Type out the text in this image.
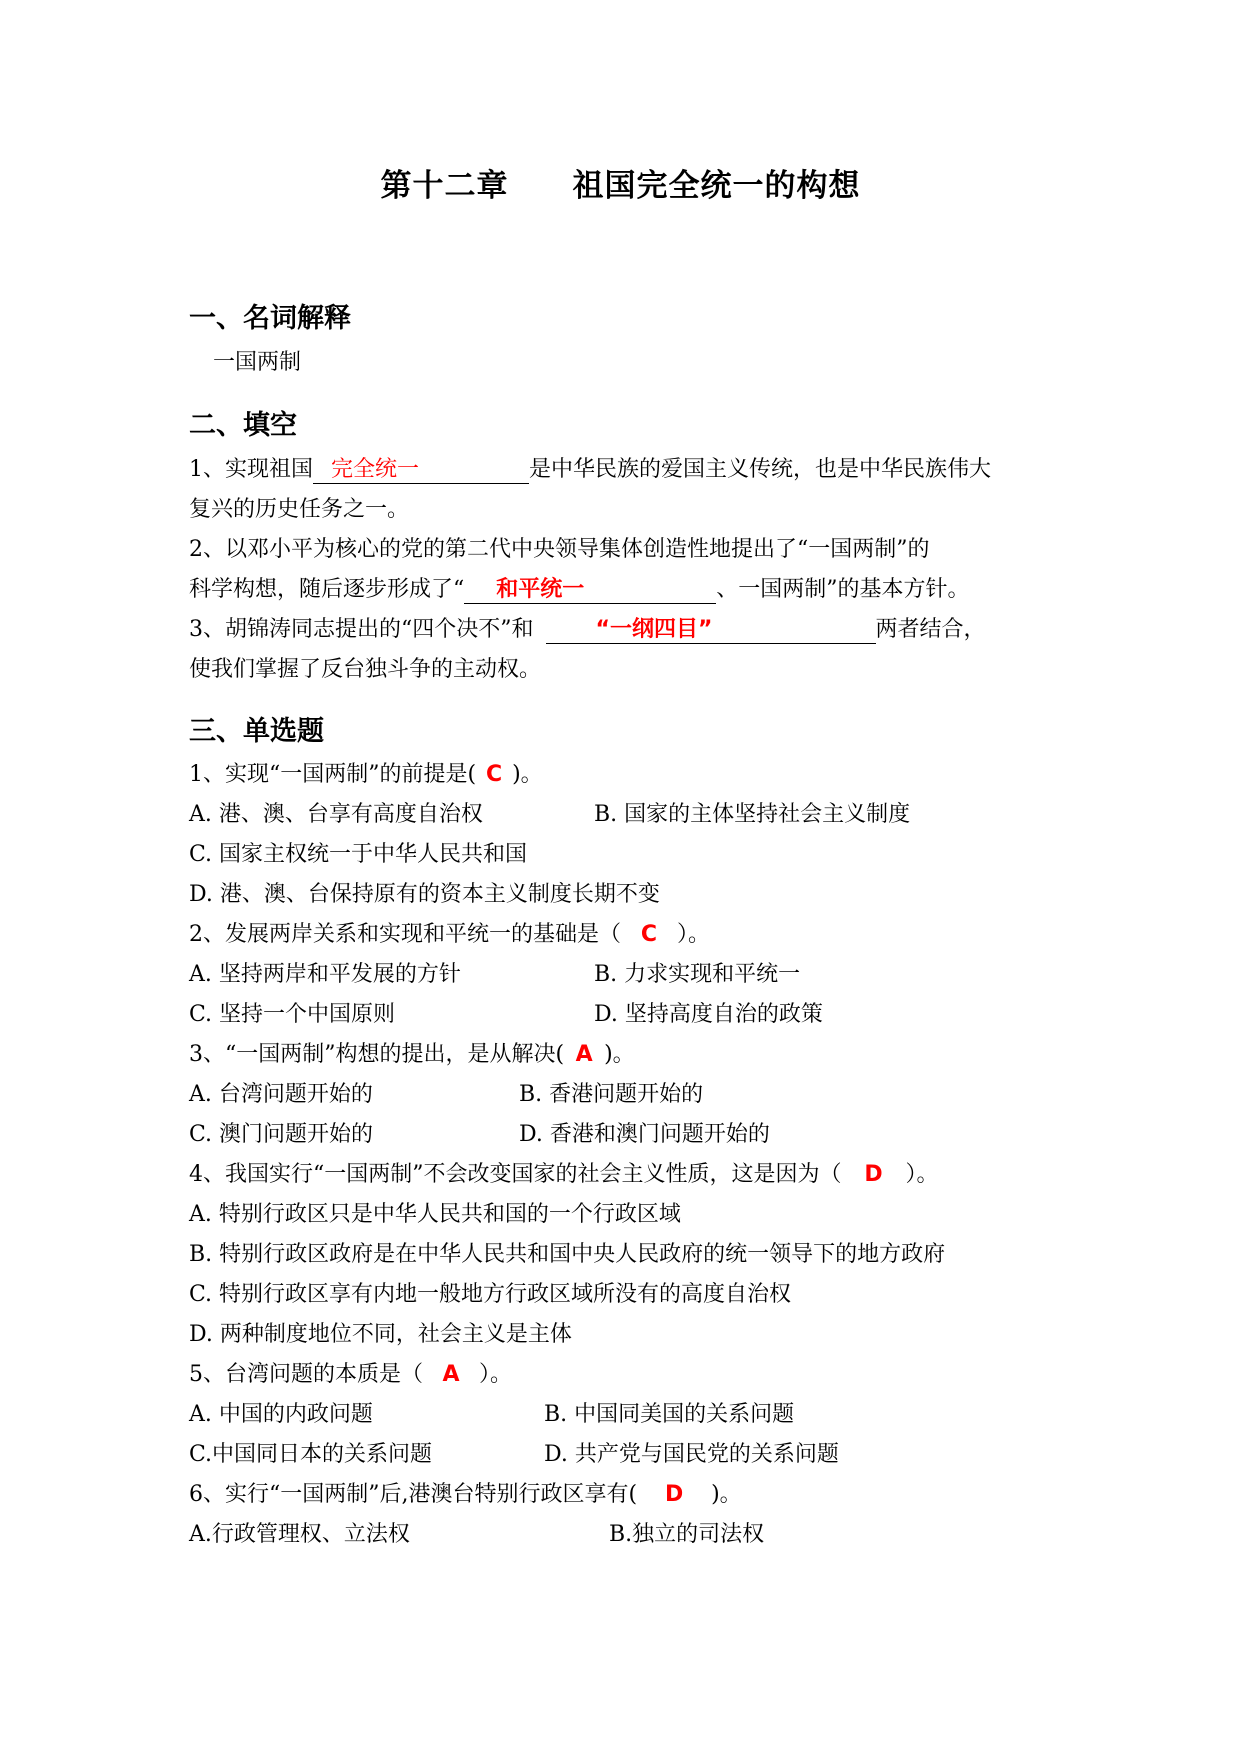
第十二章　　祖国完全统一的构想
一、名词解释
一国两制
二、填空
1、实现祖国 完全统一	是中华民族的爱国主义传统，也是中华民族伟大
复兴的历史任务之一。
2、以邓小平为核心的党的第二代中央领导集体创造性地提出了“一国两制”的
科学构想，随后逐步形成了“ 和平统一	、一国两制”的基本方针。
3、胡锦涛同志提出的“四个决不”和	“一纲四目”	两者结合，
使我们掌握了反台独斗争的主动权。
三、单选题
1、实现“一国两制”的前提是( C )。
A. 港、澳、台享有高度自治权	B. 国家的主体坚持社会主义制度
C. 国家主权统一于中华人民共和国
D. 港、澳、台保持原有的资本主义制度长期不变
2、发展两岸关系和实现和平统一的基础是（ C ）。
A. 坚持两岸和平发展的方针	B. 力求实现和平统一
C. 坚持一个中国原则	D. 坚持高度自治的政策
3、“一国两制”构想的提出，是从解决( A )。
A. 台湾问题开始的	B. 香港问题开始的
C. 澳门问题开始的	D. 香港和澳门问题开始的
4、我国实行“一国两制”不会改变国家的社会主义性质，这是因为（ D ）。
A. 特别行政区只是中华人民共和国的一个行政区域
B. 特别行政区政府是在中华人民共和国中央人民政府的统一领导下的地方政府
C. 特别行政区享有内地一般地方行政区域所没有的高度自治权
D. 两种制度地位不同，社会主义是主体
5、台湾问题的本质是（ A ）。
A. 中国的内政问题	B. 中国同美国的关系问题
C.中国同日本的关系问题	D. 共产党与国民党的关系问题
6、实行“一国两制”后,港澳台特别行政区享有( D )。
A.行政管理权、立法权	B.独立的司法权
